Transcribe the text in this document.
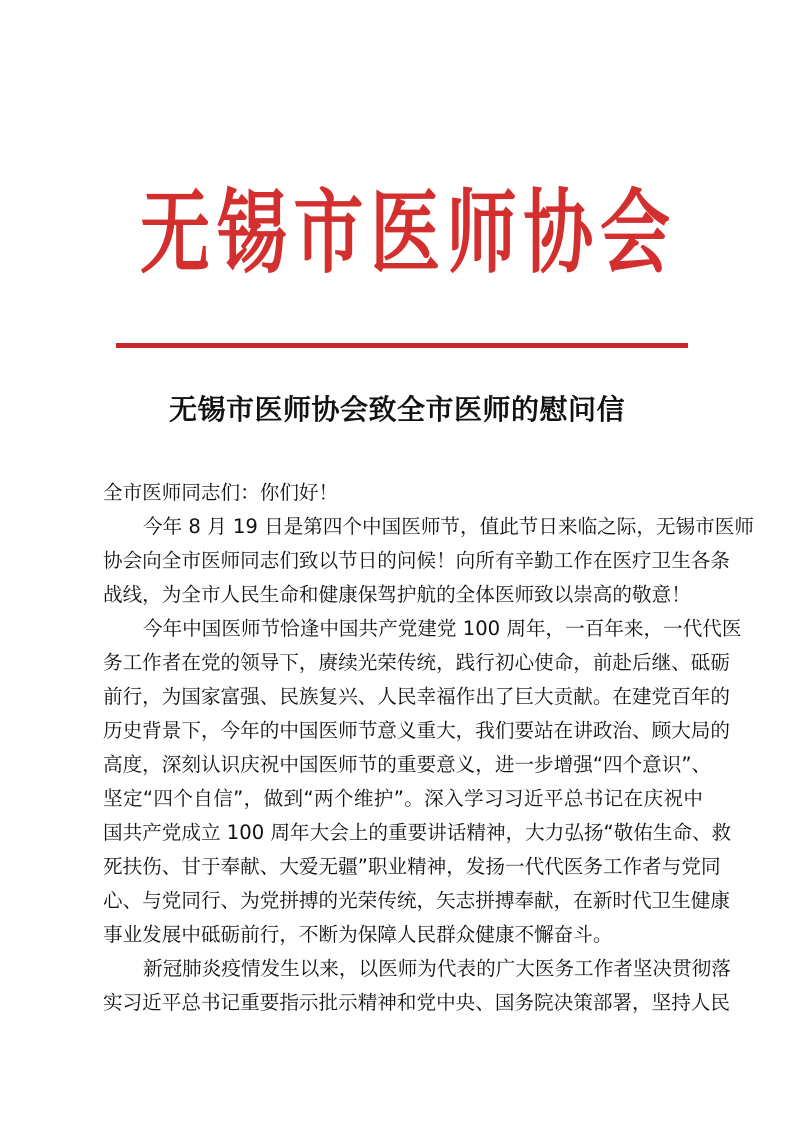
无 锡 市 医 师 协 会
无锡市医师协会致全市医师的慰问信
全市医师同志们：你们好！
今年 8 月 19 日是第四个中国医师节，值此节日来临之际，无锡市医师
协会向全市医师同志们致以节日的问候！向所有辛勤工作在医疗卫生各条
战线，为全市人民生命和健康保驾护航的全体医师致以崇高的敬意！
今年中国医师节恰逢中国共产党建党 100 周年，一百年来，一代代医
务工作者在党的领导下，赓续光荣传统，践行初心使命，前赴后继、砥砺
前行，为国家富强、民族复兴、人民幸福作出了巨大贡献。在建党百年的
历史背景下，今年的中国医师节意义重大，我们要站在讲政治、顾大局的
高度，深刻认识庆祝中国医师节的重要意义，进一步增强“四个意识”、
坚定“四个自信”，做到“两个维护”。深入学习习近平总书记在庆祝中
国共产党成立 100 周年大会上的重要讲话精神，大力弘扬“敬佑生命、救
死扶伤、甘于奉献、大爱无疆”职业精神，发扬一代代医务工作者与党同
心、与党同行、为党拼搏的光荣传统，矢志拼搏奉献，在新时代卫生健康
事业发展中砥砺前行，不断为保障人民群众健康不懈奋斗。
新冠肺炎疫情发生以来，以医师为代表的广大医务工作者坚决贯彻落
实习近平总书记重要指示批示精神和党中央、国务院决策部署，坚持人民
